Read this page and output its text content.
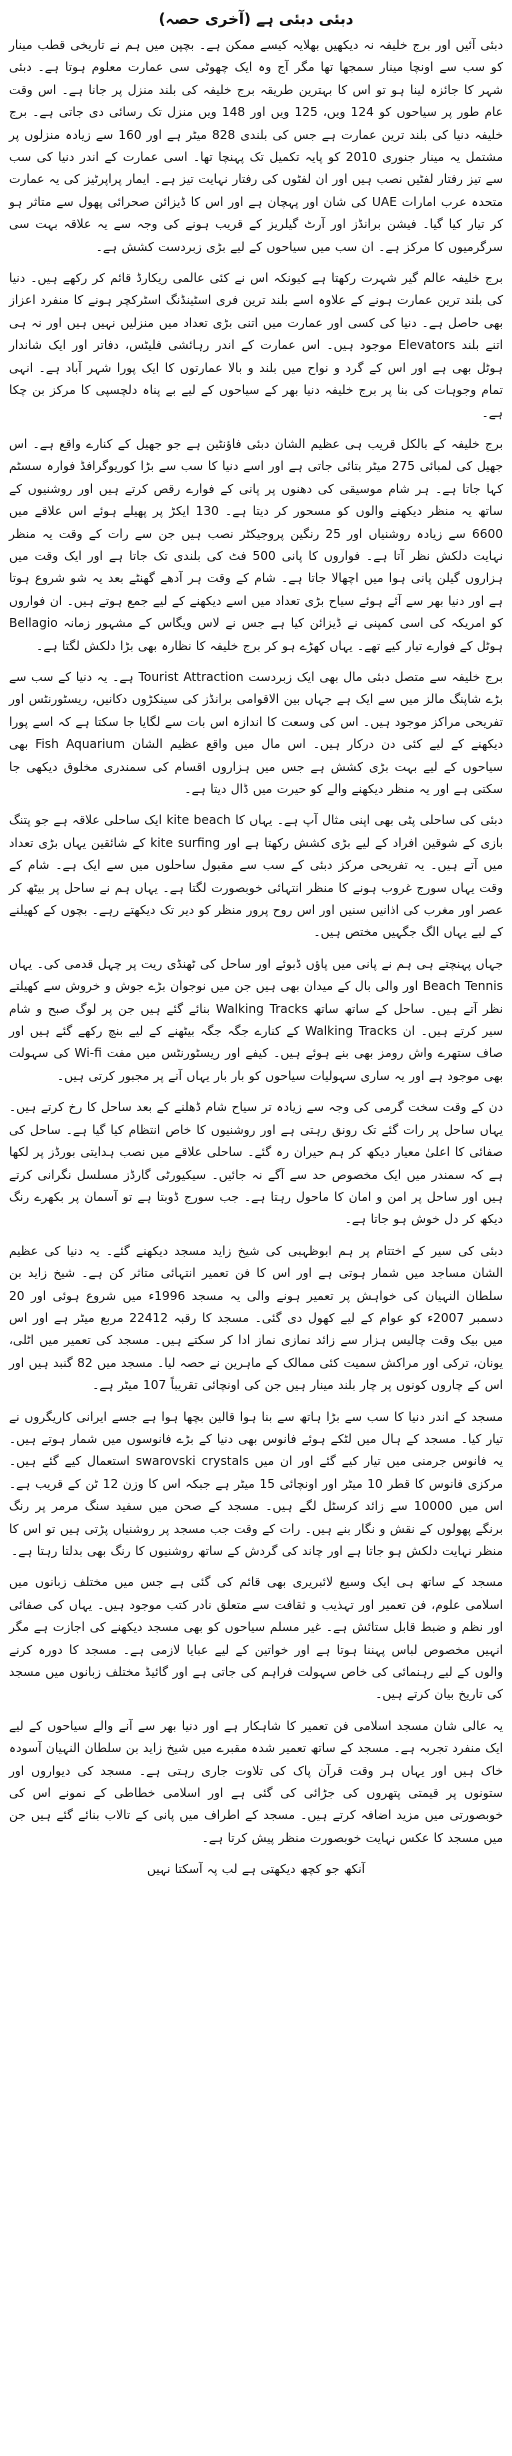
دبئی دبئی ہے (آخری حصہ)
دبئی آئیں اور برج خلیفہ نہ دیکھیں بھلایہ کیسے ممکن ہے۔ بچپن میں ہم نے تاریخی قطب مینار کو سب سے اونچا مینار سمجھا تھا مگر آج وہ ایک چھوٹی سی عمارت معلوم ہوتا ہے۔ دبئی شہر کا جائزہ لینا ہو تو اس کا بہترین طریقہ برج خلیفہ کی بلند منزل پر جانا ہے۔ اس وقت عام طور پر سیاحوں کو 124 ویں، 125 ویں اور 148 ویں منزل تک رسائی دی جاتی ہے۔ برج خلیفہ دنیا کی بلند ترین عمارت ہے جس کی بلندی 828 میٹر ہے اور 160 سے زیادہ منزلوں پر مشتمل یہ مینار جنوری 2010 کو پایہ تکمیل تک پہنچا تھا۔ اسی عمارت کے اندر دنیا کی سب سے تیز رفتار لفٹیں نصب ہیں اور ان لفٹوں کی رفتار نہایت تیز ہے۔ ایمار پراپرٹیز کی یہ عمارت متحدہ عرب امارات UAE کی شان اور پہچان ہے اور اس کا ڈیزائن صحرائی پھول سے متاثر ہو کر تیار کیا گیا۔ فیشن برانڈز اور آرٹ گیلریز کے قریب ہونے کی وجہ سے یہ علاقہ بہت سی سرگرمیوں کا مرکز ہے۔ ان سب میں سیاحوں کے لیے بڑی زبردست کشش ہے۔
برج خلیفہ عالم گیر شہرت رکھتا ہے کیونکہ اس نے کئی عالمی ریکارڈ قائم کر رکھے ہیں۔ دنیا کی بلند ترین عمارت ہونے کے علاوہ اسے بلند ترین فری اسٹینڈنگ اسٹرکچر ہونے کا منفرد اعزاز بھی حاصل ہے۔ دنیا کی کسی اور عمارت میں اتنی بڑی تعداد میں منزلیں نہیں ہیں اور نہ ہی اتنے بلند Elevators موجود ہیں۔ اس عمارت کے اندر رہائشی فلیٹس، دفاتر اور ایک شاندار ہوٹل بھی ہے اور اس کے گرد و نواح میں بلند و بالا عمارتوں کا ایک پورا شہر آباد ہے۔ انہی تمام وجوہات کی بنا پر برج خلیفہ دنیا بھر کے سیاحوں کے لیے بے پناہ دلچسپی کا مرکز بن چکا ہے۔
برج خلیفہ کے بالکل قریب ہی عظیم الشان دبئی فاؤنٹین ہے جو جھیل کے کنارے واقع ہے۔ اس جھیل کی لمبائی 275 میٹر بتائی جاتی ہے اور اسے دنیا کا سب سے بڑا کوریوگرافڈ فوارہ سسٹم کہا جاتا ہے۔ ہر شام موسیقی کی دھنوں پر پانی کے فوارے رقص کرتے ہیں اور روشنیوں کے ساتھ یہ منظر دیکھنے والوں کو مسحور کر دیتا ہے۔ 130 ایکڑ پر پھیلے ہوئے اس علاقے میں 6600 سے زیادہ روشنیاں اور 25 رنگین پروجیکٹر نصب ہیں جن سے رات کے وقت یہ منظر نہایت دلکش نظر آتا ہے۔ فواروں کا پانی 500 فٹ کی بلندی تک جاتا ہے اور ایک وقت میں ہزاروں گیلن پانی ہوا میں اچھالا جاتا ہے۔ شام کے وقت ہر آدھے گھنٹے بعد یہ شو شروع ہوتا ہے اور دنیا بھر سے آئے ہوئے سیاح بڑی تعداد میں اسے دیکھنے کے لیے جمع ہوتے ہیں۔ ان فواروں کو امریکہ کی اسی کمپنی نے ڈیزائن کیا ہے جس نے لاس ویگاس کے مشہور زمانہ Bellagio ہوٹل کے فوارے تیار کیے تھے۔ یہاں کھڑے ہو کر برج خلیفہ کا نظارہ بھی بڑا دلکش لگتا ہے۔
برج خلیفہ سے متصل دبئی مال بھی ایک زبردست Tourist Attraction ہے۔ یہ دنیا کے سب سے بڑے شاپنگ مالز میں سے ایک ہے جہاں بین الاقوامی برانڈز کی سینکڑوں دکانیں، ریسٹورنٹس اور تفریحی مراکز موجود ہیں۔ اس کی وسعت کا اندازہ اس بات سے لگایا جا سکتا ہے کہ اسے پورا دیکھنے کے لیے کئی دن درکار ہیں۔ اس مال میں واقع عظیم الشان Fish Aquarium بھی سیاحوں کے لیے بہت بڑی کشش ہے جس میں ہزاروں اقسام کی سمندری مخلوق دیکھی جا سکتی ہے اور یہ منظر دیکھنے والے کو حیرت میں ڈال دیتا ہے۔
دبئی کی ساحلی پٹی بھی اپنی مثال آپ ہے۔ یہاں کا kite beach ایک ساحلی علاقہ ہے جو پتنگ بازی کے شوقین افراد کے لیے بڑی کشش رکھتا ہے اور kite surfing کے شائقین یہاں بڑی تعداد میں آتے ہیں۔ یہ تفریحی مرکز دبئی کے سب سے مقبول ساحلوں میں سے ایک ہے۔ شام کے وقت یہاں سورج غروب ہونے کا منظر انتہائی خوبصورت لگتا ہے۔ یہاں ہم نے ساحل پر بیٹھ کر عصر اور مغرب کی اذانیں سنیں اور اس روح پرور منظر کو دیر تک دیکھتے رہے۔ بچوں کے کھیلنے کے لیے یہاں الگ جگہیں مختص ہیں۔
جہاں پہنچتے ہی ہم نے پانی میں پاؤں ڈبوئے اور ساحل کی ٹھنڈی ریت پر چہل قدمی کی۔ یہاں Beach Tennis اور والی بال کے میدان بھی ہیں جن میں نوجوان بڑے جوش و خروش سے کھیلتے نظر آتے ہیں۔ ساحل کے ساتھ ساتھ Walking Tracks بنائے گئے ہیں جن پر لوگ صبح و شام سیر کرتے ہیں۔ ان Walking Tracks کے کنارے جگہ جگہ بیٹھنے کے لیے بنچ رکھے گئے ہیں اور صاف ستھرے واش رومز بھی بنے ہوئے ہیں۔ کیفے اور ریسٹورنٹس میں مفت Wi-fi کی سہولت بھی موجود ہے اور یہ ساری سہولیات سیاحوں کو بار بار یہاں آنے پر مجبور کرتی ہیں۔
دن کے وقت سخت گرمی کی وجہ سے زیادہ تر سیاح شام ڈھلنے کے بعد ساحل کا رخ کرتے ہیں۔ یہاں ساحل پر رات گئے تک رونق رہتی ہے اور روشنیوں کا خاص انتظام کیا گیا ہے۔ ساحل کی صفائی کا اعلیٰ معیار دیکھ کر ہم حیران رہ گئے۔ ساحلی علاقے میں نصب ہدایتی بورڈز پر لکھا ہے کہ سمندر میں ایک مخصوص حد سے آگے نہ جائیں۔ سیکیورٹی گارڈز مسلسل نگرانی کرتے ہیں اور ساحل پر امن و امان کا ماحول رہتا ہے۔ جب سورج ڈوبتا ہے تو آسمان پر بکھرے رنگ دیکھ کر دل خوش ہو جاتا ہے۔
دبئی کی سیر کے اختتام پر ہم ابوظہبی کی شیخ زاید مسجد دیکھنے گئے۔ یہ دنیا کی عظیم الشان مساجد میں شمار ہوتی ہے اور اس کا فن تعمیر انتہائی متاثر کن ہے۔ شیخ زاید بن سلطان النہیان کی خواہش پر تعمیر ہونے والی یہ مسجد 1996ء میں شروع ہوئی اور 20 دسمبر 2007ء کو عوام کے لیے کھول دی گئی۔ مسجد کا رقبہ 22412 مربع میٹر ہے اور اس میں بیک وقت چالیس ہزار سے زائد نمازی نماز ادا کر سکتے ہیں۔ مسجد کی تعمیر میں اٹلی، یونان، ترکی اور مراکش سمیت کئی ممالک کے ماہرین نے حصہ لیا۔ مسجد میں 82 گنبد ہیں اور اس کے چاروں کونوں پر چار بلند مینار ہیں جن کی اونچائی تقریباً 107 میٹر ہے۔
مسجد کے اندر دنیا کا سب سے بڑا ہاتھ سے بنا ہوا قالین بچھا ہوا ہے جسے ایرانی کاریگروں نے تیار کیا۔ مسجد کے ہال میں لٹکے ہوئے فانوس بھی دنیا کے بڑے فانوسوں میں شمار ہوتے ہیں۔ یہ فانوس جرمنی میں تیار کیے گئے اور ان میں swarovski crystals استعمال کیے گئے ہیں۔ مرکزی فانوس کا قطر 10 میٹر اور اونچائی 15 میٹر ہے جبکہ اس کا وزن 12 ٹن کے قریب ہے۔ اس میں 10000 سے زائد کرسٹل لگے ہیں۔ مسجد کے صحن میں سفید سنگ مرمر پر رنگ برنگے پھولوں کے نقش و نگار بنے ہیں۔ رات کے وقت جب مسجد پر روشنیاں پڑتی ہیں تو اس کا منظر نہایت دلکش ہو جاتا ہے اور چاند کی گردش کے ساتھ روشنیوں کا رنگ بھی بدلتا رہتا ہے۔
مسجد کے ساتھ ہی ایک وسیع لائبریری بھی قائم کی گئی ہے جس میں مختلف زبانوں میں اسلامی علوم، فن تعمیر اور تہذیب و ثقافت سے متعلق نادر کتب موجود ہیں۔ یہاں کی صفائی اور نظم و ضبط قابل ستائش ہے۔ غیر مسلم سیاحوں کو بھی مسجد دیکھنے کی اجازت ہے مگر انہیں مخصوص لباس پہننا ہوتا ہے اور خواتین کے لیے عبایا لازمی ہے۔ مسجد کا دورہ کرنے والوں کے لیے رہنمائی کی خاص سہولت فراہم کی جاتی ہے اور گائیڈ مختلف زبانوں میں مسجد کی تاریخ بیان کرتے ہیں۔
یہ عالی شان مسجد اسلامی فن تعمیر کا شاہکار ہے اور دنیا بھر سے آنے والے سیاحوں کے لیے ایک منفرد تجربہ ہے۔ مسجد کے ساتھ تعمیر شدہ مقبرے میں شیخ زاید بن سلطان النہیان آسودہ خاک ہیں اور یہاں ہر وقت قرآن پاک کی تلاوت جاری رہتی ہے۔ مسجد کی دیواروں اور ستونوں پر قیمتی پتھروں کی جڑائی کی گئی ہے اور اسلامی خطاطی کے نمونے اس کی خوبصورتی میں مزید اضافہ کرتے ہیں۔ مسجد کے اطراف میں پانی کے تالاب بنائے گئے ہیں جن میں مسجد کا عکس نہایت خوبصورت منظر پیش کرتا ہے۔
آنکھ جو کچھ دیکھتی ہے لب پہ آسکتا نہیں
